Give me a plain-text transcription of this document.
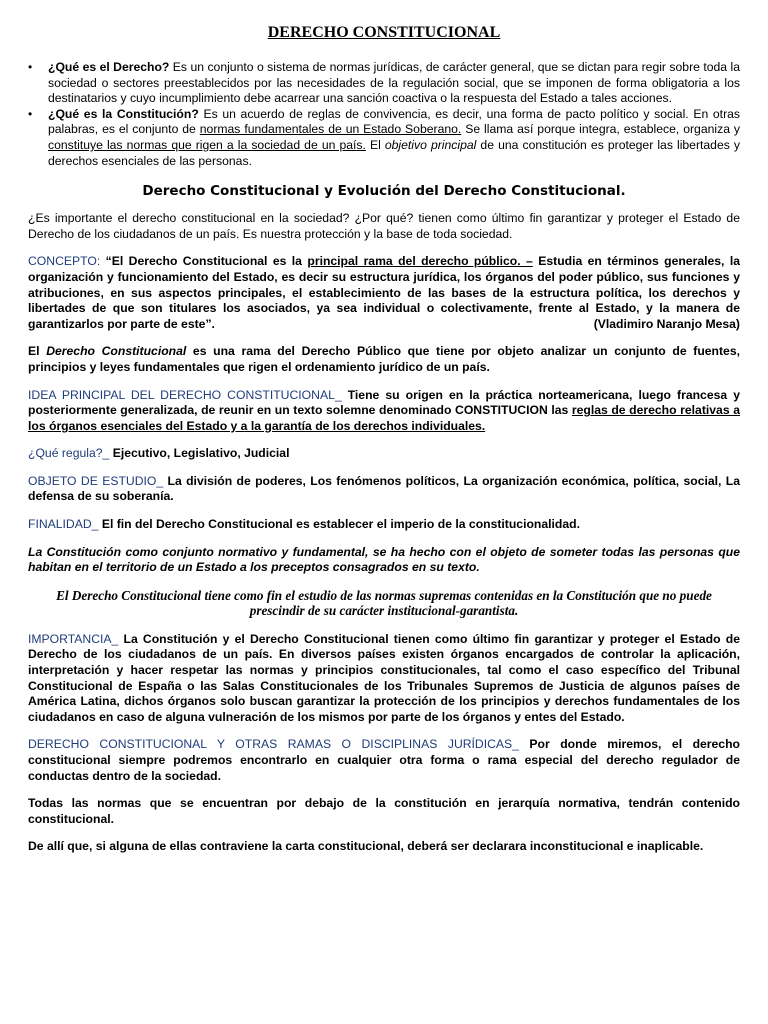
DERECHO CONSTITUCIONAL
• ¿Qué es el Derecho? Es un conjunto o sistema de normas jurídicas, de carácter general, que se dictan para regir sobre toda la sociedad o sectores preestablecidos por las necesidades de la regulación social, que se imponen de forma obligatoria a los destinatarios y cuyo incumplimiento debe acarrear una sanción coactiva o la respuesta del Estado a tales acciones.
• ¿Qué es la Constitución? Es un acuerdo de reglas de convivencia, es decir, una forma de pacto político y social. En otras palabras, es el conjunto de normas fundamentales de un Estado Soberano. Se llama así porque integra, establece, organiza y constituye las normas que rigen a la sociedad de un país. El objetivo principal de una constitución es proteger las libertades y derechos esenciales de las personas.
Derecho Constitucional y Evolución del Derecho Constitucional.

¿Es importante el derecho constitucional en la sociedad? ¿Por qué? tienen como último fin garantizar y proteger el Estado de Derecho de los ciudadanos de un país. Es nuestra protección y la base de toda sociedad.

CONCEPTO: “El Derecho Constitucional es la principal rama del derecho público. – Estudia en términos generales, la organización y funcionamiento del Estado, es decir su estructura jurídica, los órganos del poder público, sus funciones y atribuciones, en sus aspectos principales, el establecimiento de las bases de la estructura política, los derechos y libertades de que son titulares los asociados, ya sea individual o colectivamente, frente al Estado, y la manera de garantizarlos por parte de este”.	(Vladimiro Naranjo Mesa)

El Derecho Constitucional es una rama del Derecho Público que tiene por objeto analizar un conjunto de fuentes, principios y leyes fundamentales que rigen el ordenamiento jurídico de un país.

IDEA PRINCIPAL DEL DERECHO CONSTITUCIONAL_ Tiene su origen en la práctica norteamericana, luego francesa y posteriormente generalizada, de reunir en un texto solemne denominado CONSTITUCION las reglas de derecho relativas a los órganos esenciales del Estado y a la garantía de los derechos individuales.

¿Qué regula?_ Ejecutivo, Legislativo, Judicial

OBJETO DE ESTUDIO_ La división de poderes, Los fenómenos políticos, La organización económica, política, social, La defensa de su soberanía.

FINALIDAD_ El fin del Derecho Constitucional es establecer el imperio de la constitucionalidad.

La Constitución como conjunto normativo y fundamental, se ha hecho con el objeto de someter todas las personas que habitan en el territorio de un Estado a los preceptos consagrados en su texto.

El Derecho Constitucional tiene como fin el estudio de las normas supremas contenidas en la Constitución que no puede prescindir de su carácter institucional-garantista.

IMPORTANCIA_ La Constitución y el Derecho Constitucional tienen como último fin garantizar y proteger el Estado de Derecho de los ciudadanos de un país. En diversos países existen órganos encargados de controlar la aplicación, interpretación y hacer respetar las normas y principios constitucionales, tal como el caso específico del Tribunal Constitucional de España o las Salas Constitucionales de los Tribunales Supremos de Justicia de algunos países de América Latina, dichos órganos solo buscan garantizar la protección de los principios y derechos fundamentales de los ciudadanos en caso de alguna vulneración de los mismos por parte de los órganos y entes del Estado.

DERECHO CONSTITUCIONAL Y OTRAS RAMAS O DISCIPLINAS JURÍDICAS_ Por donde miremos, el derecho constitucional siempre podremos encontrarlo en cualquier otra forma o rama especial del derecho regulador de conductas dentro de la sociedad.

Todas las normas que se encuentran por debajo de la constitución en jerarquía normativa, tendrán contenido constitucional.

De allí que, si alguna de ellas contraviene la carta constitucional, deberá ser declarara inconstitucional e inaplicable.
